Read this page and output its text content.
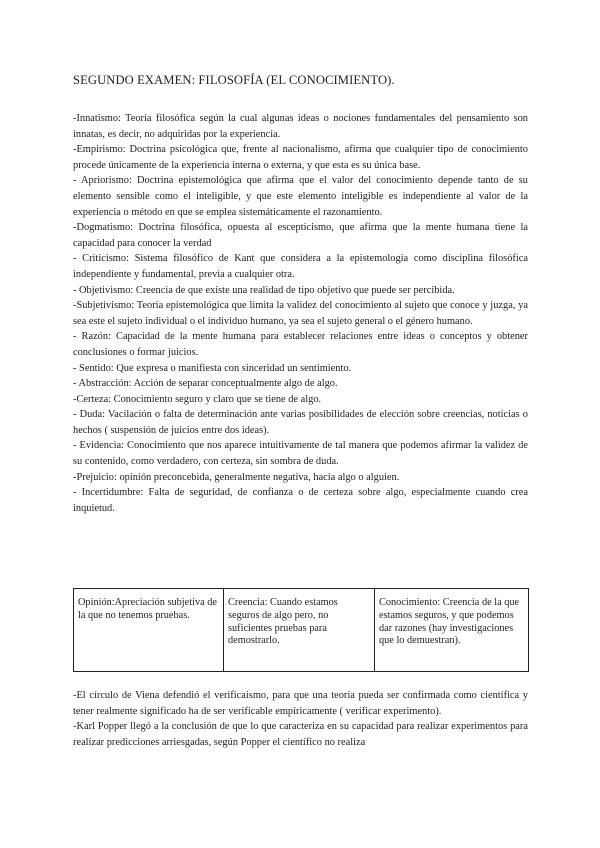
SEGUNDO EXAMEN: FILOSOFÍA (EL CONOCIMIENTO).

-Innatismo: Teoría filosófica según la cual algunas ideas o nociones fundamentales del pensamiento son innatas, es decir, no adquiridas por la experiencia.

-Empirismo: Doctrina psicológica que, frente al nacionalismo, afirma que cualquier tipo de conocimiento procede únicamente de la experiencia interna o externa, y que esta es su única base.

- Apriorismo: Doctrina epistemológica que afirma que el valor del conocimiento depende tanto de su elemento sensible como el inteligible, y que este elemento inteligible es independiente al valor de la experiencia o método en que se emplea sistemáticamente el razonamiento.

-Dogmatismo: Doctrina filosófica, opuesta al escepticismo, que afirma que la mente humana tiene la capacidad para conocer la verdad

- Criticismo: Sistema filosófico de Kant que considera a la epistemología como disciplina filosófica independiente y fundamental, previa a cualquier otra.

- Objetivismo: Creencia de que existe una realidad de tipo objetivo que puede ser percibida.

-Subjetivismo: Teoría epistemológica que limita la validez del conocimiento al sujeto que conoce y juzga, ya sea este el sujeto individual o el individuo humano, ya sea el sujeto general o el género humano.

- Razón: Capacidad de la mente humana para establecer relaciones entre ideas o conceptos y obtener conclusiones o formar juicios.

- Sentido: Que expresa o manifiesta con sinceridad un sentimiento.

- Abstracción: Acción de separar conceptualmente algo de algo.

-Certeza: Conocimiento seguro y claro que se tiene de algo.

- Duda: Vacilación o falta de determinación ante varias posibilidades de elección sobre creencias, noticias o hechos ( suspensión de juicios entre dos ideas).

- Evidencia: Conocimiento que nos aparece intuitivamente de tal manera que podemos afirmar la validez de su contenido, como verdadero, con certeza, sin sombra de duda.

-Prejuicio: opinión preconcebida, generalmente negativa, hacia algo o alguien.

- Incertidumbre: Falta de seguridad, de confianza o de certeza sobre algo, especialmente cuando crea inquietud.

Opinión:Apreciación subjetiva de la que no tenemos pruebas.	Creencia: Cuando estamos seguros de algo pero, no suficientes pruebas para demostrarlo.	Conocimiento: Creencia de la que estamos seguros, y que podemos dar razones (hay investigaciones que lo demuestran).

-El círculo de Viena defendió el verificaismo, para que una teoría pueda ser confirmada como científica y tener realmente significado ha de ser verificable empíricamente ( verificar experimento).

-Karl Popper llegó a la conclusión de que lo que caracteriza en su capacidad para realizar experimentos para realizar predicciones arriesgadas, según Popper el científico no realiza
